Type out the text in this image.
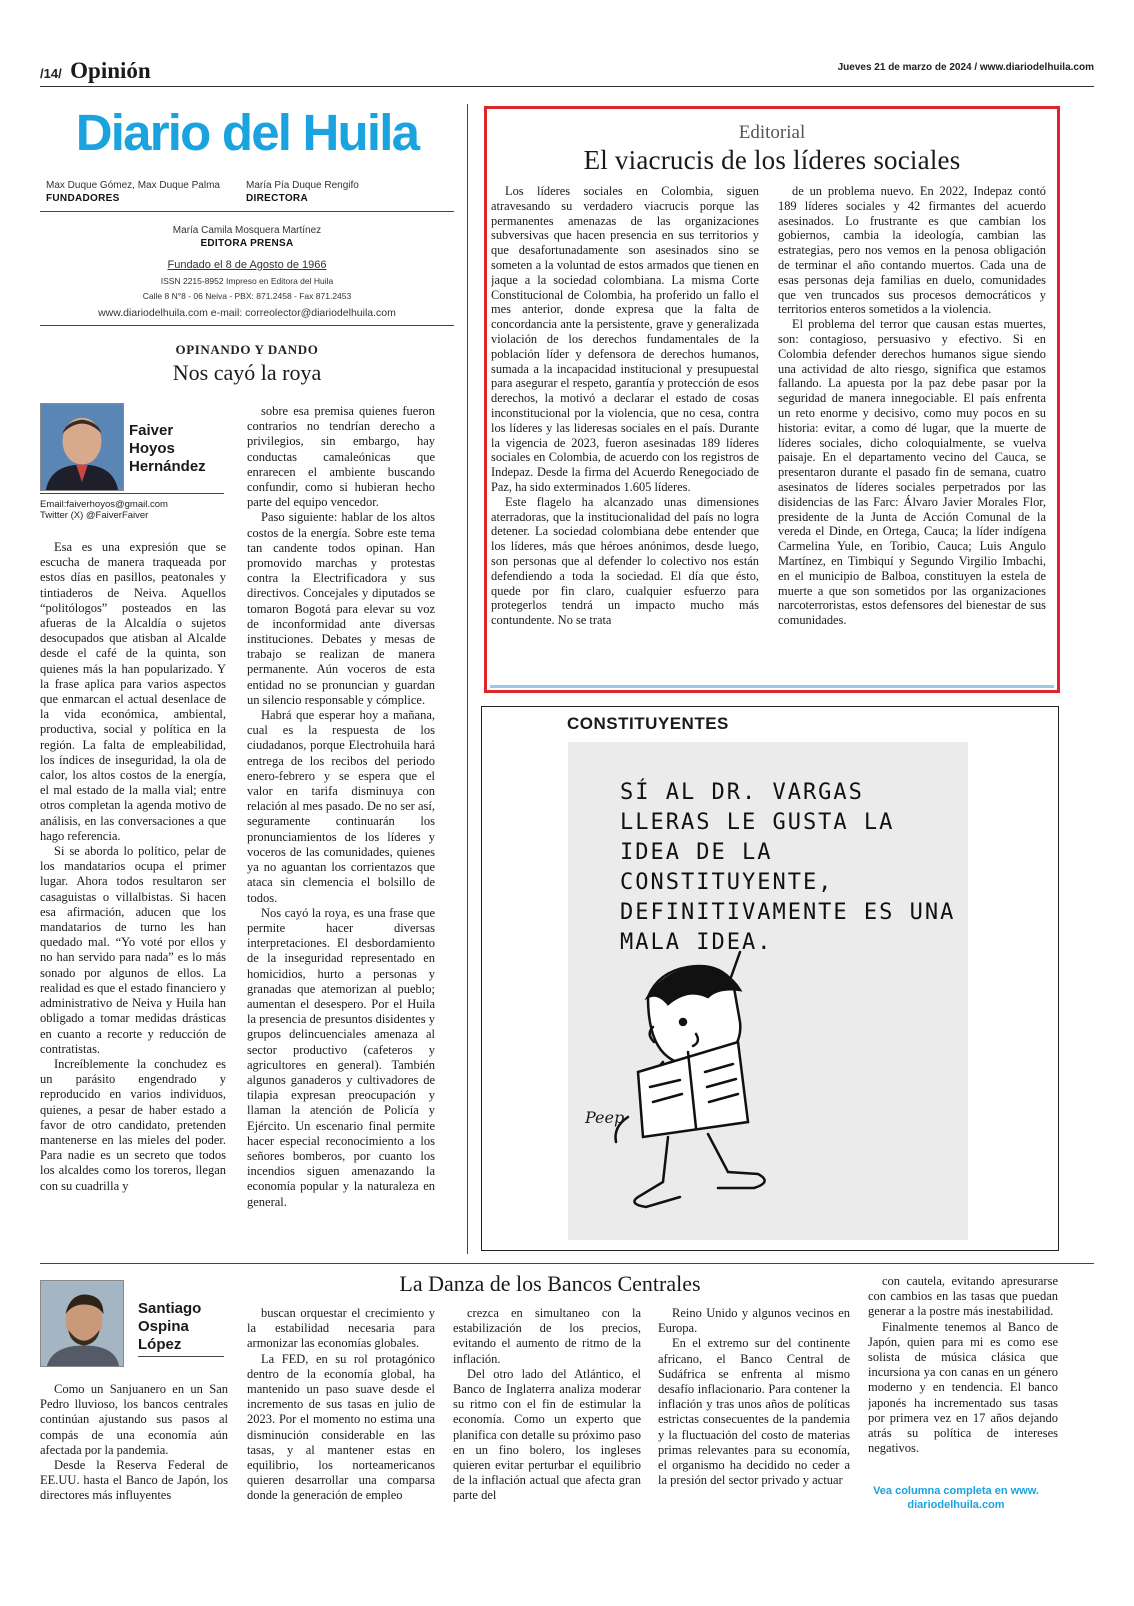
/14/ Opinión	Jueves 21 de marzo de 2024 / www.diariodelhuila.com
Diario del Huila
Max Duque Gómez, Max Duque Palma
FUNDADORES
María Pía Duque Rengifo
DIRECTORA
María Camila Mosquera Martínez
EDITORA PRENSA
Fundado el 8 de Agosto de 1966
ISSN 2215-8952 Impreso en Editora del Huila
Calle 8 N°8 - 06 Neiva - PBX: 871.2458 - Fax 871.2453
www.diariodelhuila.com e-mail: correolector@diariodelhuila.com
Editorial
El viacrucis de los líderes sociales

Los líderes sociales en Colombia, siguen atravesando su verdadero viacrucis porque las permanentes amenazas de las organizaciones subversivas que hacen presencia en sus territorios y que desafortunadamente son asesinados sino se someten a la voluntad de estos armados que tienen en jaque a la sociedad colombiana. La misma Corte Constitucional de Colombia, ha proferido un fallo el mes anterior, donde expresa que la falta de concordancia ante la persistente, grave y generalizada violación de los derechos fundamentales de la población líder y defensora de derechos humanos, sumada a la incapacidad institucional y presupuestal para asegurar el respeto, garantía y protección de esos derechos, la motivó a declarar el estado de cosas inconstitucional por la violencia, que no cesa, contra los líderes y las lideresas sociales en el país. Durante la vigencia de 2023, fueron asesinadas 189 líderes sociales en Colombia, de acuerdo con los registros de Indepaz. Desde la firma del Acuerdo Renegociado de Paz, ha sido exterminados 1.605 líderes.

Este flagelo ha alcanzado unas dimensiones aterradoras, que la institucionalidad del país no logra detener. La sociedad colombiana debe entender que los líderes, más que héroes anónimos, desde luego, son personas que al defender lo colectivo nos están defendiendo a toda la sociedad. El día que ésto, quede por fin claro, cualquier esfuerzo para protegerlos tendrá un impacto mucho más contundente. No se trata

de un problema nuevo. En 2022, Indepaz contó 189 líderes sociales y 42 firmantes del acuerdo asesinados. Lo frustrante es que cambian los gobiernos, cambia la ideología, cambian las estrategias, pero nos vemos en la penosa obligación de terminar el año contando muertos. Cada una de esas personas deja familias en duelo, comunidades que ven truncados sus procesos democráticos y territorios enteros sometidos a la violencia.

El problema del terror que causan estas muertes, son: contagioso, persuasivo y efectivo. Si en Colombia defender derechos humanos sigue siendo una actividad de alto riesgo, significa que estamos fallando. La apuesta por la paz debe pasar por la seguridad de manera innegociable. El país enfrenta un reto enorme y decisivo, como muy pocos en su historia: evitar, a como dé lugar, que la muerte de líderes sociales, dicho coloquialmente, se vuelva paisaje. En el departamento vecino del Cauca, se presentaron durante el pasado fin de semana, cuatro asesinatos de líderes sociales perpetrados por las disidencias de las Farc: Álvaro Javier Morales Flor, presidente de la Junta de Acción Comunal de la vereda el Dinde, en Ortega, Cauca; la líder indígena Carmelina Yule, en Toribio, Cauca; Luis Angulo Martínez, en Timbiquí y Segundo Virgilio Imbachi, en el municipio de Balboa, constituyen la estela de muerte a que son sometidos por las organizaciones narcoterroristas, estos defensores del bienestar de sus comunidades.

CONSTITUYENTES
SÍ AL DR. VARGAS LLERAS LE GUSTA LA IDEA DE LA CONSTITUYENTE, DEFINITIVAMENTE ES UNA MALA IDEA.
Peep
OPINANDO Y DANDO
Nos cayó la roya
Faiver
Hoyos
Hernández
Email:faiverhoyos@gmail.com
Twitter (X) @FaiverFaiver

Esa es una expresión que se escucha de manera traqueada por estos días en pasillos, peatonales y tintiaderos de Neiva. Aquellos “politólogos” posteados en las afueras de la Alcaldía o sujetos desocupados que atisban al Alcalde desde el café de la quinta, son quienes más la han popularizado. Y la frase aplica para varios aspectos que enmarcan el actual desenlace de la vida económica, ambiental, productiva, social y política en la región. La falta de empleabilidad, los índices de inseguridad, la ola de calor, los altos costos de la energía, el mal estado de la malla vial; entre otros completan la agenda motivo de análisis, en las conversaciones a que hago referencia.

Si se aborda lo político, pelar de los mandatarios ocupa el primer lugar. Ahora todos resultaron ser casaguistas o villalbistas. Si hacen esa afirmación, aducen que los mandatarios de turno les han quedado mal. “Yo voté por ellos y no han servido para nada” es lo más sonado por algunos de ellos. La realidad es que el estado financiero y administrativo de Neiva y Huila han obligado a tomar medidas drásticas en cuanto a recorte y reducción de contratistas.

Increíblemente la conchudez es un parásito engendrado y reproducido en varios individuos, quienes, a pesar de haber estado a favor de otro candidato, pretenden mantenerse en las mieles del poder. Para nadie es un secreto que todos los alcaldes como los toreros, llegan con su cuadrilla y

sobre esa premisa quienes fueron contrarios no tendrían derecho a privilegios, sin embargo, hay conductas camaleónicas que enrarecen el ambiente buscando confundir, como si hubieran hecho parte del equipo vencedor.

Paso siguiente: hablar de los altos costos de la energía. Sobre este tema tan candente todos opinan. Han promovido marchas y protestas contra la Electrificadora y sus directivos. Concejales y diputados se tomaron Bogotá para elevar su voz de inconformidad ante diversas instituciones. Debates y mesas de trabajo se realizan de manera permanente. Aún voceros de esta entidad no se pronuncian y guardan un silencio responsable y cómplice.

Habrá que esperar hoy a mañana, cual es la respuesta de los ciudadanos, porque Electrohuila hará entrega de los recibos del periodo enero-febrero y se espera que el valor en tarifa disminuya con relación al mes pasado. De no ser así, seguramente continuarán los pronunciamientos de los líderes y voceros de las comunidades, quienes ya no aguantan los corrientazos que ataca sin clemencia el bolsillo de todos.

Nos cayó la roya, es una frase que permite hacer diversas interpretaciones. El desbordamiento de la inseguridad representado en homicidios, hurto a personas y granadas que atemorizan al pueblo; aumentan el desespero. Por el Huila la presencia de presuntos disidentes y grupos delincuenciales amenaza al sector productivo (cafeteros y agricultores en general). También algunos ganaderos y cultivadores de tilapia expresan preocupación y llaman la atención de Policía y Ejército. Un escenario final permite hacer especial reconocimiento a los señores bomberos, por cuanto los incendios siguen amenazando la economía popular y la naturaleza en general.

La Danza de los Bancos Centrales
Santiago
Ospina
López

Como un Sanjuanero en un San Pedro lluvioso, los bancos centrales continúan ajustando sus pasos al compás de una economía aún afectada por la pandemia.

Desde la Reserva Federal de EE.UU. hasta el Banco de Japón, los directores más influyentes

buscan orquestar el crecimiento y la estabilidad necesaria para armonizar las economías globales.

La FED, en su rol protagónico dentro de la economía global, ha mantenido un paso suave desde el incremento de sus tasas en julio de 2023. Por el momento no estima una disminución considerable en las tasas, y al mantener estas en equilibrio, los norteamericanos quieren desarrollar una comparsa donde la generación de empleo

crezca en simultaneo con la estabilización de los precios, evitando el aumento de ritmo de la inflación.

Del otro lado del Atlántico, el Banco de Inglaterra analiza moderar su ritmo con el fin de estimular la economía. Como un experto que planifica con detalle su próximo paso en un fino bolero, los ingleses quieren evitar perturbar el equilibrio de la inflación actual que afecta gran parte del

Reino Unido y algunos vecinos en Europa.

En el extremo sur del continente africano, el Banco Central de Sudáfrica se enfrenta al mismo desafío inflacionario. Para contener la inflación y tras unos años de políticas estrictas consecuentes de la pandemia y la fluctuación del costo de materias primas relevantes para su economía, el organismo ha decidido no ceder a la presión del sector privado y actuar

con cautela, evitando apresurarse con cambios en las tasas que puedan generar a la postre más inestabilidad.

Finalmente tenemos al Banco de Japón, quien para mi es como ese solista de música clásica que incursiona ya con canas en un género moderno y en tendencia. El banco japonés ha incrementado sus tasas por primera vez en 17 años dejando atrás su política de intereses negativos.

Vea columna completa en www. diariodelhuila.com
